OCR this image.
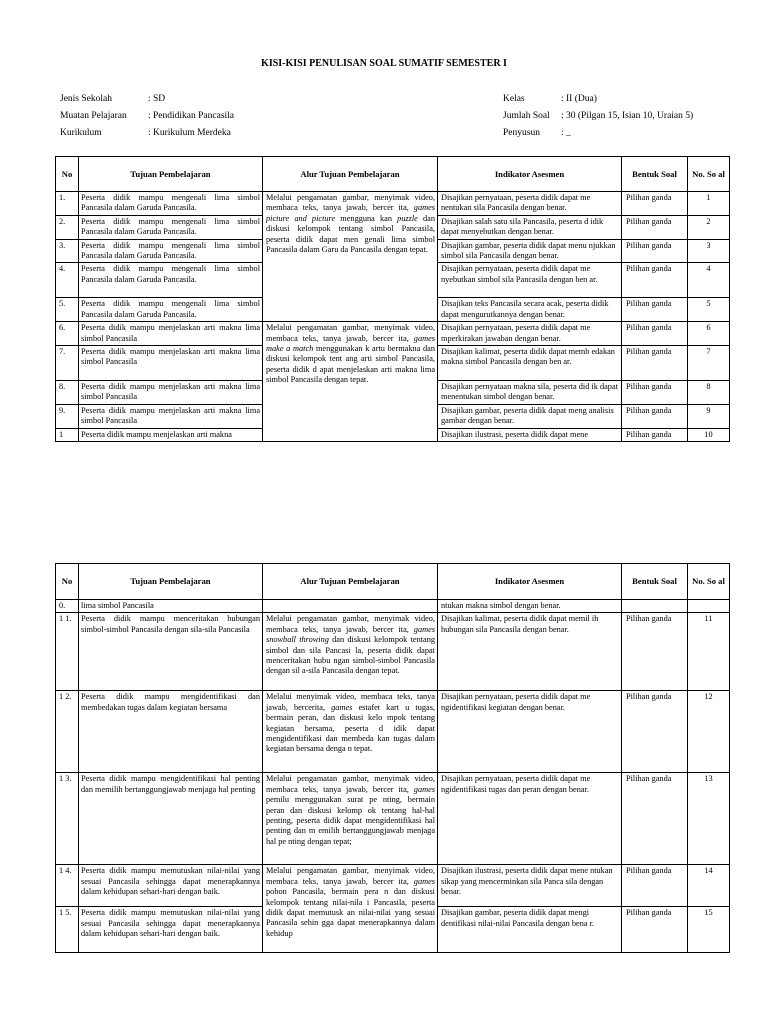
KISI-KISI PENULISAN SOAL SUMATIF SEMESTER I
Jenis Sekolah	: SD
Muatan Pelajaran	: Pendidikan Pancasila
Kurikulum	: Kurikulum Merdeka
Kelas	: II (Dua)
Jumlah Soal	: 30 (Pilgan 15, Isian 10, Uraian 5)
Penyusun	: _
No	Tujuan Pembelajaran	Alur Tujuan Pembelajaran	Indikator Asesmen	Bentuk Soal	No. So al
1.	Peserta didik mampu mengenali lima simbol Pancasila dalam Garuda Pancasila.	Melalui pengamatan gambar, menyimak video, membaca teks, tanya jawab, bercer ita, games picture and picture mengguna kan puzzle dan diskusi kelompok tentang simbol Pancasila, peserta didik dapat men genali lima simbol Pancasila dalam Garu da Pancasila dengan tepat.	Disajikan pernyataan, peserta didik dapat me nentukan sila Pancasila dengan benar.	Pilihan ganda	1
2.	Peserta didik mampu mengenali lima simbol Pancasila dalam Garuda Pancasila.		Disajikan salah satu sila Pancasila, peserta d idik dapat menyebutkan dengan benar.	Pilihan ganda	2
3.	Peserta didik mampu mengenali lima simbol Pancasila dalam Garuda Pancasila.		Disajikan gambar, peserta didik dapat menu njukkan simbol sila Pancasila dengan benar.	Pilihan ganda	3
4.	Peserta didik mampu mengenali lima simbol Pancasila dalam Garuda Pancasila.		Disajikan pernyataan, peserta didik dapat me nyebutkan simbol sila Pancasila dengan ben ar.	Pilihan ganda	4
5.	Peserta didik mampu mengenali lima simbol Pancasila dalam Garuda Pancasila.		Disajikan teks Pancasila secara acak, peserta didik dapat mengurutkannya dengan benar.	Pilihan ganda	5
6.	Peserta didik mampu menjelaskan arti makna lima simbol Pancasila	Melalui pengamatan gambar, menyimak video, membaca teks, tanya jawab, bercer ita, games make a match menggunakan k artu bermakna dan diskusi kelompok tent ang arti simbol Pancasila, peserta didik d apat menjelaskan arti makna lima simbol Pancasila dengan tepat.	Disajikan pernyataan, peserta didik dapat me mperkirakan jawaban dengan benar.	Pilihan ganda	6
7.	Peserta didik mampu menjelaskan arti makna lima simbol Pancasila		Disajikan kalimat, peserta didik dapat memb edakan makna simbol Pancasila dengan ben ar.	Pilihan ganda	7
8.	Peserta didik mampu menjelaskan arti makna lima simbol Pancasila		Disajikan pernyataan makna sila, peserta did ik dapat menentukan simbol dengan benar.	Pilihan ganda	8
9.	Peserta didik mampu menjelaskan arti makna lima simbol Pancasila		Disajikan gambar, peserta didik dapat meng analisis gambar dengan benar.	Pilihan ganda	9
1	Peserta didik mampu menjelaskan arti makna		Disajikan ilustrasi, peserta didik dapat mene	Pilihan ganda	10
No	Tujuan Pembelajaran	Alur Tujuan Pembelajaran	Indikator Asesmen	Bentuk Soal	No. So al
0.	lima simbol Pancasila		ntukan makna simbol dengan benar.		
1 1.	Peserta didik mampu menceritakan hubungan simbol-simbol Pancasila dengan sila-sila Pancasila	Melalui pengamatan gambar, menyimak video, membaca teks, tanya jawab, bercer ita, games snowball throwing dan diskusi kelompok tentang simbol dan sila Pancasi la, peserta didik dapat menceritakan hubu ngan simbol-simbol Pancasila dengan sil a-sila Pancasila dengan tepat.	Disajikan kalimat, peserta didik dapat memil ih hubungan sila Pancasila dengan benar.	Pilihan ganda	11
1 2.	Peserta didik mampu mengidentifikasi dan membedakan tugas dalam kegiatan bersama	Melalui menyimak video, membaca teks, tanya jawab, bercerita, games estafet kart u tugas, bermain peran, dan diskusi kelo mpok tentang kegiatan bersama, peserta d idik dapat mengidentifikasi dan membeda kan tugas dalam kegiatan bersama denga n tepat.	Disajikan pernyataan, peserta didik dapat me ngidentifikasi kegiatan dengan benar.	Pilihan ganda	12
1 3.	Peserta didik mampu mengidentifikasi hal penting dan memilih bertanggungjawab menjaga hal penting	Melalui pengamatan gambar, menyimak video, membaca teks, tanya jawab, bercer ita, games pemilu menggunakan surat pe nting, bermain peran dan diskusi kelomp ok tentang hal-hal penting, peserta didik dapat mengidentifikasi hal penting dan m emilih bertanggungjawab menjaga hal pe nting dengan tepat;	Disajikan pernyataan, peserta didik dapat me ngidentifikasi tugas dan peran dengan benar.	Pilihan ganda	13
1 4.	Peserta didik mampu memutuskan nilai-nilai yang sesuai Pancasila sehingga dapat menerapkannya dalam kehidupan sehari-hari dengan baik.	Melalui pengamatan gambar, menyimak video, membaca teks, tanya jawab, bercer ita, games pohon Pancasila, bermain pera n dan diskusi kelompok tentang nilai-nila i Pancasila, peserta didik dapat memutusk an nilai-nilai yang sesuai Pancasila sehin gga dapat menerapkannya dalam kehidup	Disajikan ilustrasi, peserta didik dapat mene ntukan sikap yang mencerminkan sila Panca sila dengan benar.	Pilihan ganda	14
1 5.	Peserta didik mampu memutuskan nilai-nilai yang sesuai Pancasila sehingga dapat menerapkannya dalam kehidupan sehari-hari dengan baik.		Disajikan gambar, peserta didik dapat mengi dentifikasi nilai-nilai Pancasila dengan bena r.	Pilihan ganda	15
